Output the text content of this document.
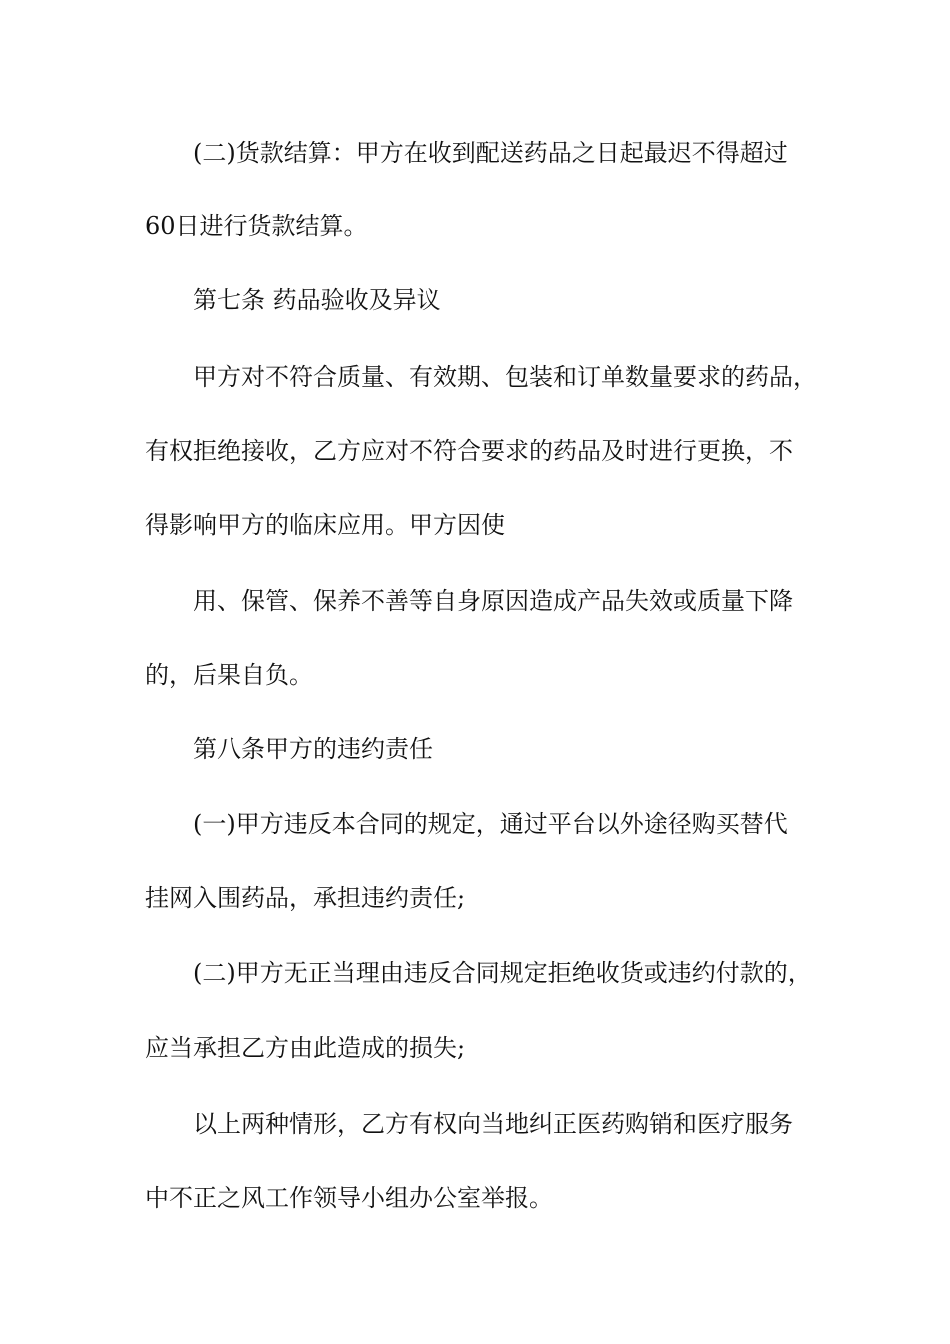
(二)货款结算：甲方在收到配送药品之日起最迟不得超过
60日进行货款结算。
第七条 药品验收及异议
甲方对不符合质量、有效期、包装和订单数量要求的药品，
有权拒绝接收，乙方应对不符合要求的药品及时进行更换，不
得影响甲方的临床应用。甲方因使
用、保管、保养不善等自身原因造成产品失效或质量下降
的，后果自负。
第八条甲方的违约责任
(一)甲方违反本合同的规定，通过平台以外途径购买替代
挂网入围药品，承担违约责任;
(二)甲方无正当理由违反合同规定拒绝收货或违约付款的，
应当承担乙方由此造成的损失;
以上两种情形，乙方有权向当地纠正医药购销和医疗服务
中不正之风工作领导小组办公室举报。
